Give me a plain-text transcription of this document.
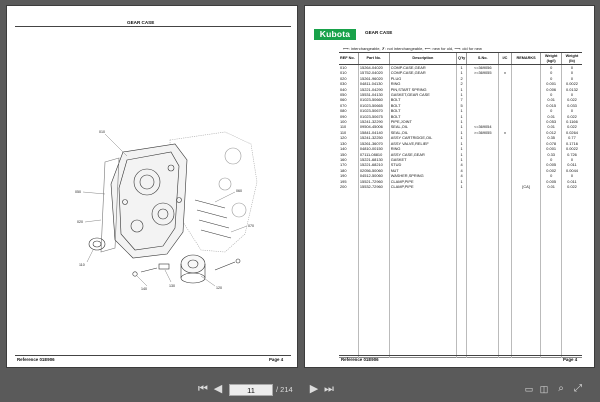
GEAR CASE
010
050
020
110
060
070
120
130
140
Reference 01E906	Page 4
Kubota	GEAR CASE
⟷: interchangeable, ✗: not interchangeable, ⟵: new for old, ⟶: old for new
REF No.	Part No.	Description	Q'ty	S.No.	I/C	REMARKS	Weight (kg/l)	Weight (lb)
010	15264-04020	COMP.CASE,GEAR	1	<=369056			0	0
010	15752-04020	COMP.CASE,GEAR	1	>=369055	x		0	0
020	15261-96020	PLUG	2				0	0
030	04811-04130	RING	2				0.001	0.0022
040	15221-04290	PIN,START SPRING	1				0.006	0.0132
050	15531-04130	GASKET,GEAR CASE	1				0	0
060	01023-50660	BOLT	7				0.01	0.022
070	01023-50665	BOLT	5				0.015	0.033
080	01023-50670	BOLT	1				0	0
090	01023-50675	BOLT	1				0.01	0.022
100	15241-32290	PIPE,JOINT	1				0.053	0.1166
110	09504-45006	SEAL,OIL	1	<=369054			0.01	0.022
110	15841-04140	SEAL,OIL	1	>=369055	x		0.012	0.0264
120	15241-32250	ASSY CARTRIDGE,OIL	1				0.35	0.77
130	15261-36070	ASSY VALVE,RELIEF	1				0.078	0.1716
140	04810-00150	RING	1				0.001	0.0022
150	07111-08810	ASSY CASE,GEAR	1				0.33	0.726
160	15221-68130	GASKET	1				0	0
170	15221-68210	STUD	4				0.005	0.011
180	02056-50060	NUT	4				0.002	0.0044
190	04512-50060	WASHER,SPRING	4				0	0
195	15521-72960	CLAMP,PIPE	1				0.005	0.011
200	15532-72960	CLAMP,PIPE	1			[CA]	0.01	0.022

Reference 01E906	Page 4
⏮ ◀	11	/ 214 ▶ ⏭	▭ ◫ ⌕	⤢
